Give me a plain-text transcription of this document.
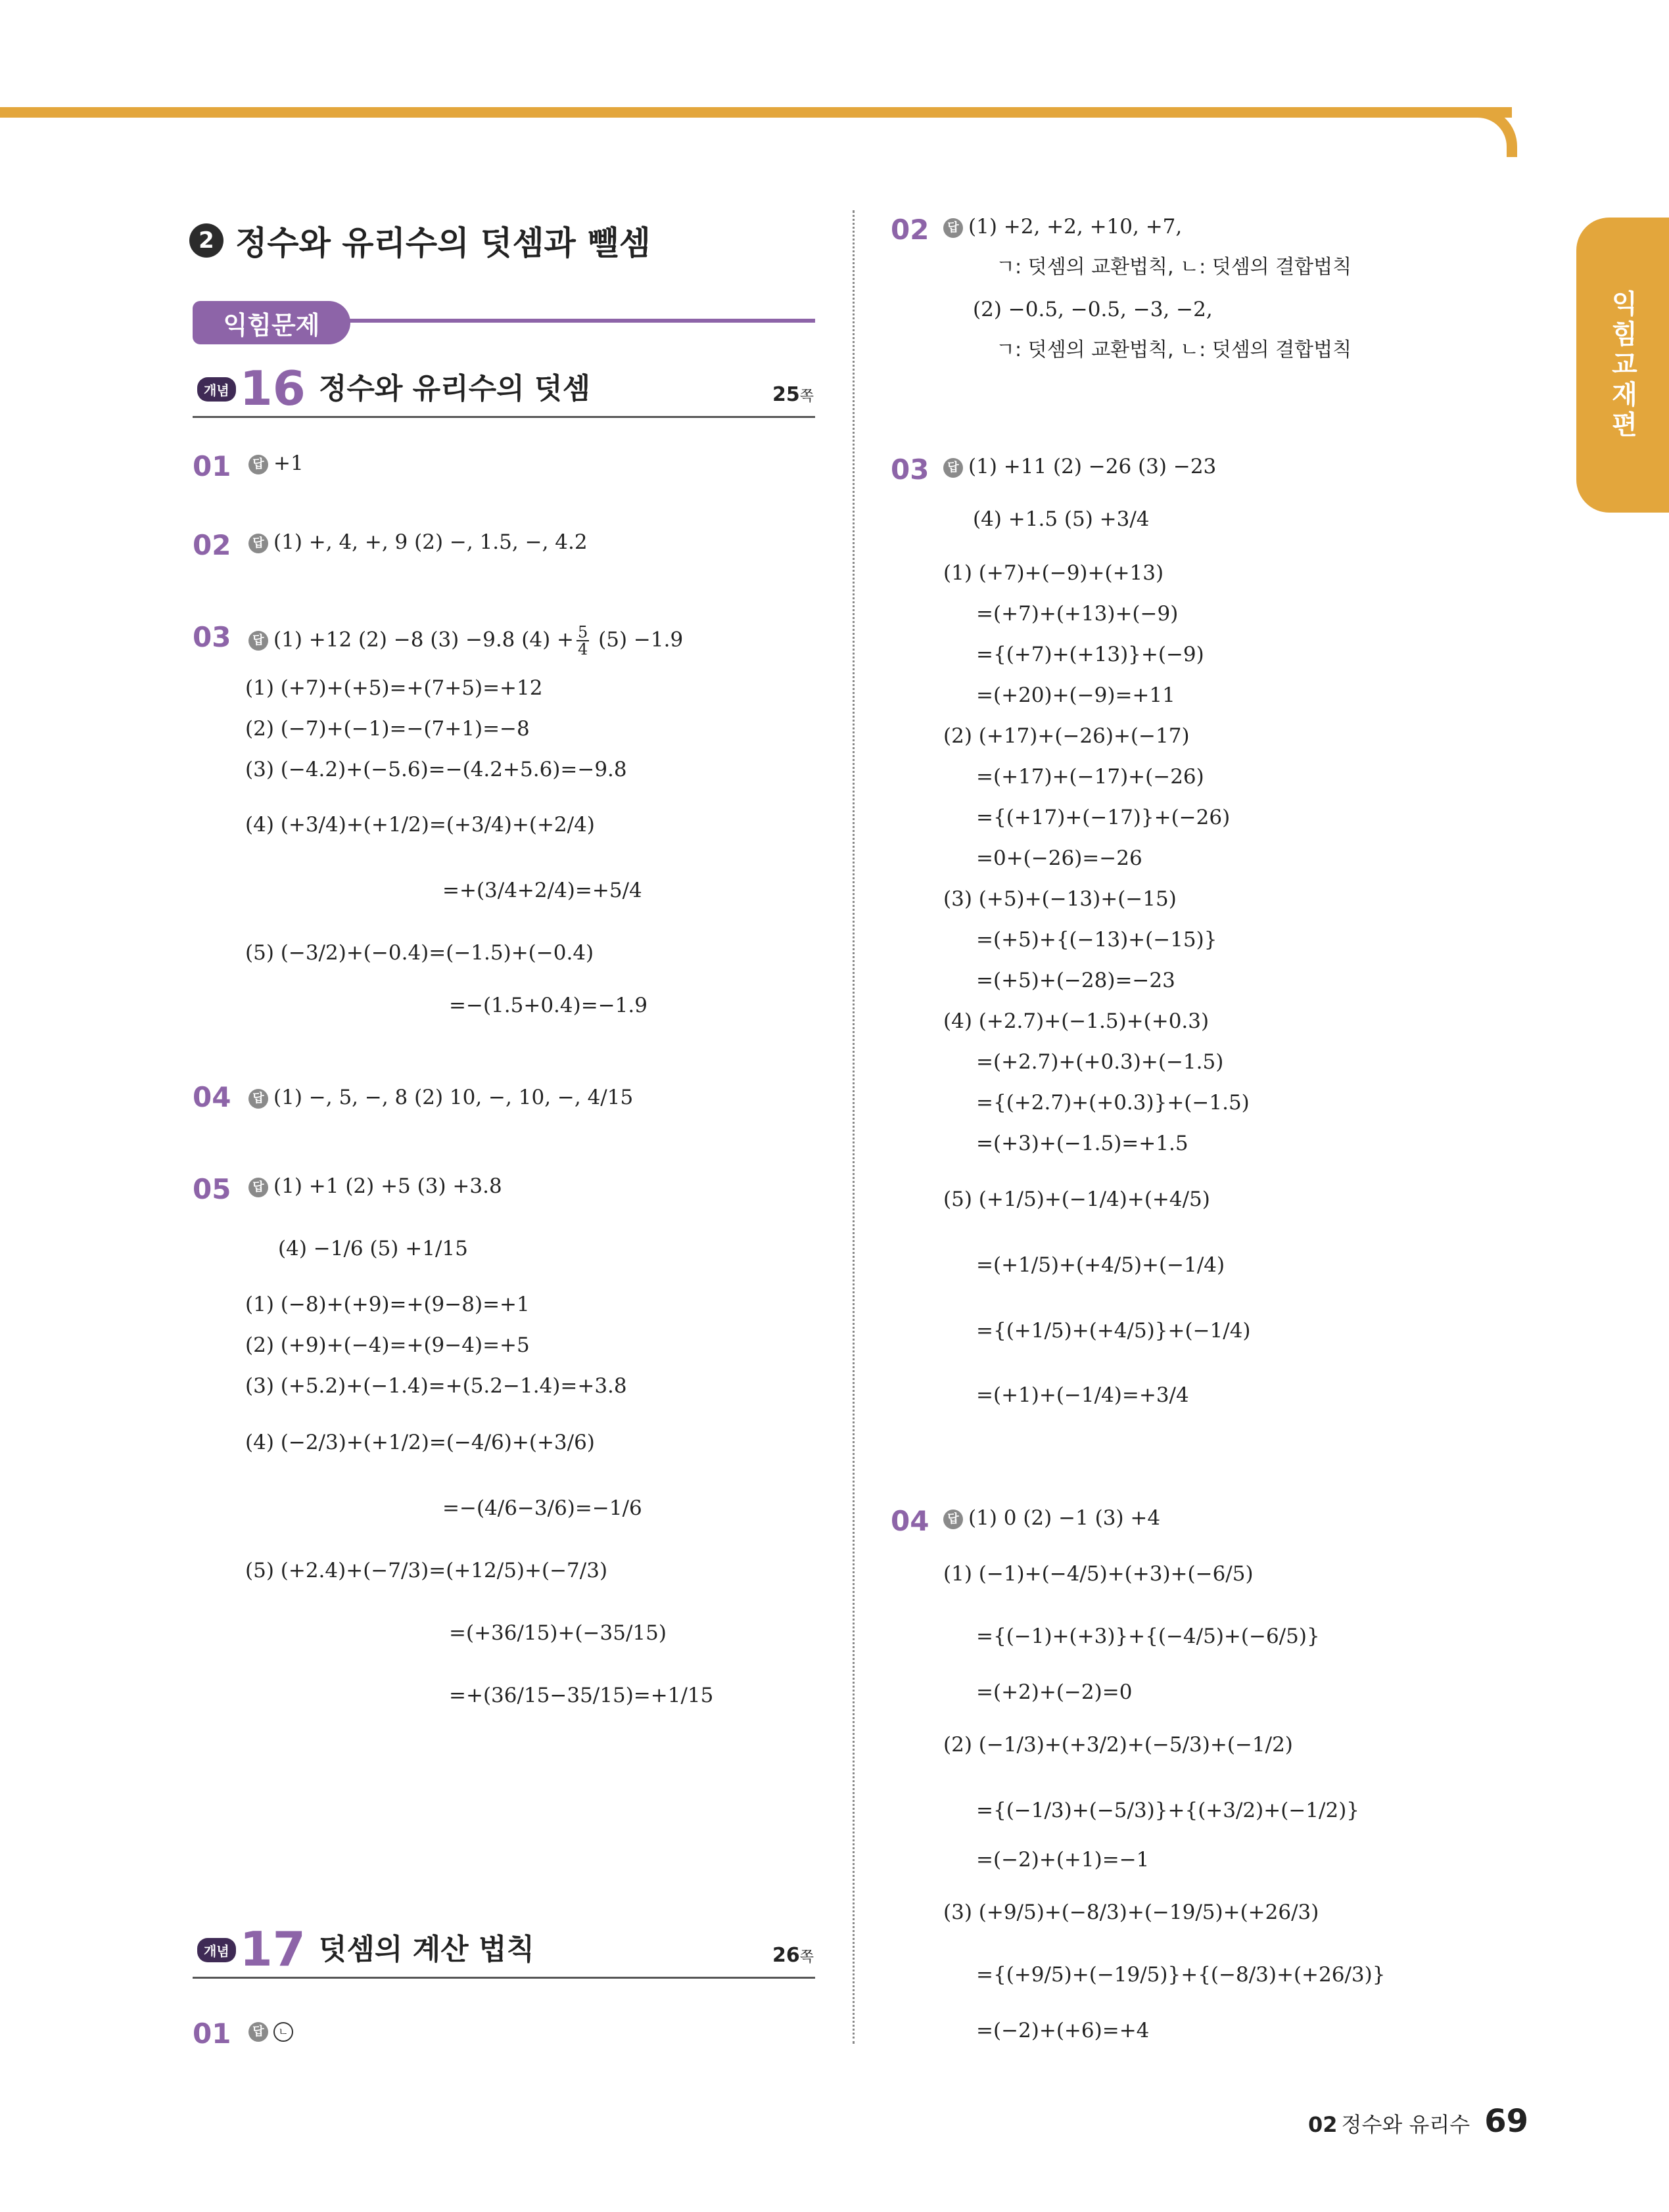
익힘교재편
2 정수와 유리수의 덧셈과 뺄셈
익힘문제
개념 16 정수와 유리수의 덧셈	25쪽
개념 17 덧셈의 계산 법칙	26쪽
01	답 +1
02	답 (1) +, 4, +, 9 (2) −, 1.5, −, 4.2
03	답 (1) +12 (2) −8 (3) −9.8 $(4) + \frac{5}{4} (5) -1.9$
(1) (+7)+(+5)=+(7+5)=+12
(2) (−7)+(−1)=−(7+1)=−8
(3) (−4.2)+(−5.6)=−(4.2+5.6)=−9.8
(4) (+3/4)+(+1/2)=(+3/4)+(+2/4)
=+(3/4+2/4)=+5/4
(5) (−3/2)+(−0.4)=(−1.5)+(−0.4)
=−(1.5+0.4)=−1.9
04	답 (1) −, 5, −, 8 (2) 10, −, 10, −, 4/15
05	답 (1) +1 (2) +5 (3) +3.8
(4) −1/6 (5) +1/15
(1) (−8)+(+9)=+(9−8)=+1
(2) (+9)+(−4)=+(9−4)=+5
(3) (+5.2)+(−1.4)=+(5.2−1.4)=+3.8
(4) (−2/3)+(+1/2)=(−4/6)+(+3/6)
=−(4/6−3/6)=−1/6
(5) (+2.4)+(−7/3)=(+12/5)+(−7/3)
=(+36/15)+(−35/15)
=+(36/15−35/15)=+1/15
01	답 ㄴ
02	답 (1) +2, +2, +10, +7,
ㄱ: 덧셈의 교환법칙, ㄴ: 덧셈의 결합법칙
(2) −0.5, −0.5, −3, −2,
ㄱ: 덧셈의 교환법칙, ㄴ: 덧셈의 결합법칙
03	답 (1) +11 (2) −26 (3) −23
(4) +1.5 (5) +3/4
(1) (+7)+(−9)+(+13)
=(+7)+(+13)+(−9)
={(+7)+(+13)}+(−9)
=(+20)+(−9)=+11
(2) (+17)+(−26)+(−17)
=(+17)+(−17)+(−26)
={(+17)+(−17)}+(−26)
=0+(−26)=−26
(3) (+5)+(−13)+(−15)
=(+5)+{(−13)+(−15)}
=(+5)+(−28)=−23
(4) (+2.7)+(−1.5)+(+0.3)
=(+2.7)+(+0.3)+(−1.5)
={(+2.7)+(+0.3)}+(−1.5)
=(+3)+(−1.5)=+1.5
(5) (+1/5)+(−1/4)+(+4/5)
=(+1/5)+(+4/5)+(−1/4)
={(+1/5)+(+4/5)}+(−1/4)
=(+1)+(−1/4)=+3/4
04	답 (1) 0 (2) −1 (3) +4
(1) (−1)+(−4/5)+(+3)+(−6/5)
={(−1)+(+3)}+{(−4/5)+(−6/5)}
=(+2)+(−2)=0
(2) (−1/3)+(+3/2)+(−5/3)+(−1/2)
={(−1/3)+(−5/3)}+{(+3/2)+(−1/2)}
=(−2)+(+1)=−1
(3) (+9/5)+(−8/3)+(−19/5)+(+26/3)
={(+9/5)+(−19/5)}+{(−8/3)+(+26/3)}
=(−2)+(+6)=+4
02 정수와 유리수 69
